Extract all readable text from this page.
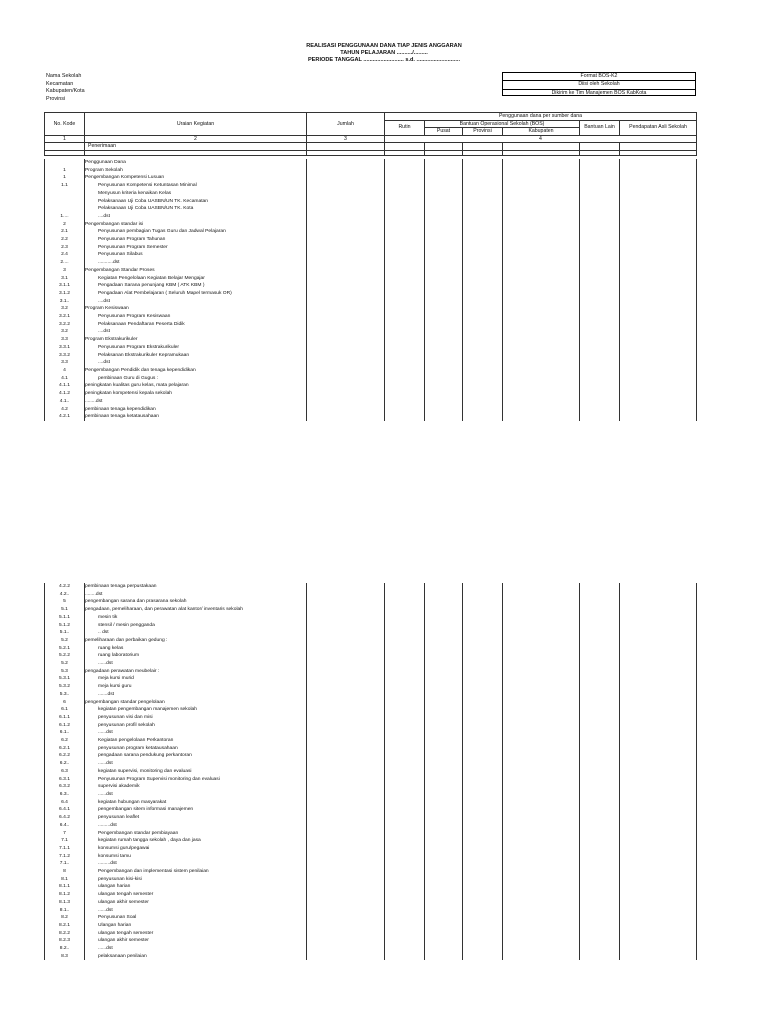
REALISASI PENGGUNAAN DANA TIAP JENIS ANGGARAN
TAHUN PELAJARAN ........../.........
PERIODE TANGGAL .......................... s.d. ............................
Nama Sekolah
Kecamatan
Kabupaten/Kota
Provinsi
Format BOS-K2
Diisi oleh Sekolah
Dikirim ke Tim Manajemen BOS KabKota
No. Kode	Uraian Kegiatan	Jumlah	Penggunaan dana per sumber dana					
			Rutin	Bantuan Operasional Sekolah (BOS)			Bantuan Lain	Pendapatan Asli Sekolah
				Pusat	Provinsi	Kabupaten		
1	2	3	4					
	Penerimaan							

	Penggunaan Dana							
1	Program Sekolah							
1	Pengembangan Kompetensi Lusuan							
1.1	Penyusunan Kompetensi Ketuntasan Minimal							
	Menyusun kriteria kenaikan Kelas							
	Pelaksanaan Uji Coba UASBN/UN TK. Kecamatan							
	Pelaksanaan Uji Coba UASBN/UN TK. Kota							
1....	....dst							
2	Pengembangan standar isi							
2.1	Penyusunan pembagian Tugas Guru dan Jadwal Pelajaran							
2.2	Penyusunan Program Tahunan							
2.3	Penyusunan Program Semester							
2.4	Penyusunan Silabus							
2....	...........dst							
3	Pengembangan Standar Proses							
3.1	Kegiatan Pengelolaan Kegiatan Belajar Mengajar							
3.1.1	Pengadaan Sarana penunjang KBM ( ATK KBM )							
3.1.2	Pengadaan Alat Pembelajaran ( Seluruh Mapel termasuk OR)							
3.1..	....dst							
3.2	Program Kesiswaan							
3.2.1	Penyusunan Program Kesiswaan							
3.2.2	Pelaksanaan Pendaftaran Peserta Didik							
3.2	....dst							
3.3	Program Ekstrakurikuler							
3.3.1	Penyusunan Program Ekstrakurikuler							
3.3.2	Pelaksanan Ekstrakurikuler Kepramukaan							
3.3	....dst							
4	Pengembangan Pendidik dan tenaga kependidikan							
4.1	pembinaan Guru di Gugus :							
4.1.1	peningkatan kualitas guru kelas, mata pelajaran							
4.1.2	peningkatan kompetensi kepala sekolah							
4.1..	........dst							
4.2	pembinaan tenaga kependidikan							
4.2.1	pembinaan tenaga ketatausahaan							
4.2.2	pembinaan tenaga perpustakaan							
4.2..	........dst							
5	pengembangan sarana dan prasarana sekolah							
5.1	pengadaan, pemeliharaan, dan perawatan alat kantor/ inventaris sekolah							
5.1.1	mesin tik							
5.1.2	stensil / mesin pengganda							
5.1..	.. dst							
5.2	pemeliharaan dan perbaikan gedung :							
5.2.1	ruang kelas							
5.2.2	ruang laboratorium							
5.2	......dst							
5.3	pengadaan perawatan meubelair :							
5.3.1	meja kursi murid							
5.3.2	meja kursi guru							
5.3..	.......dst							
6	pengembangan standar pengelolaan							
6.1	kegiatan pengembangan manajemen sekolah							
6.1.1	penyusunan visi dan misi							
6.1.2	penyusunan profil sekolah							
6.1..	......dst							
6.2	Kegiatan pengelolaan Perkantoran							
6.2.1	penyusunan program ketatausahaan							
6.2.2	pengadaan sarana pendukung perkantoran							
6.2..	......dst							
6.3	kegiatan supervisi, monitoring dan evaluasi							
6.3.1	Penyusunan Program Supervisi monitoring dan evaluasi							
6.3.2	supervisi akademik							
6.3..	......dst							
6.4	kegiatan hubungan masyarakat							
6.4.1	pengembangan sitem informasi manajemen							
6.4.2	penyusunan leaflet							
6.4..	.........dst							
7	Pengembangan standar pembiayaan							
7.1	kegiatan rumah tangga sekolah , daya dan jasa							
7.1.1	konsumsi guru/pegawai							
7.1.2	konsumsi tamu							
7.1..	.........dst							
8	Pengembangan dan implementasi sistem penilaian							
8.1	penyusunan kisi-kisi							
8.1.1	ulangan harian							
8.1.2	ulangan tengah semester							
8.1.3	ulangan akhir semester							
8.1..	......dst							
8.2	Penyusunan Soal							
8.2.1	Ulangan harian							
8.2.2	ulangan tengah semester							
8.2.3	ulangan akhir semester							
8.2..	......dst							
8.3	pelaksanaan penilaian							
